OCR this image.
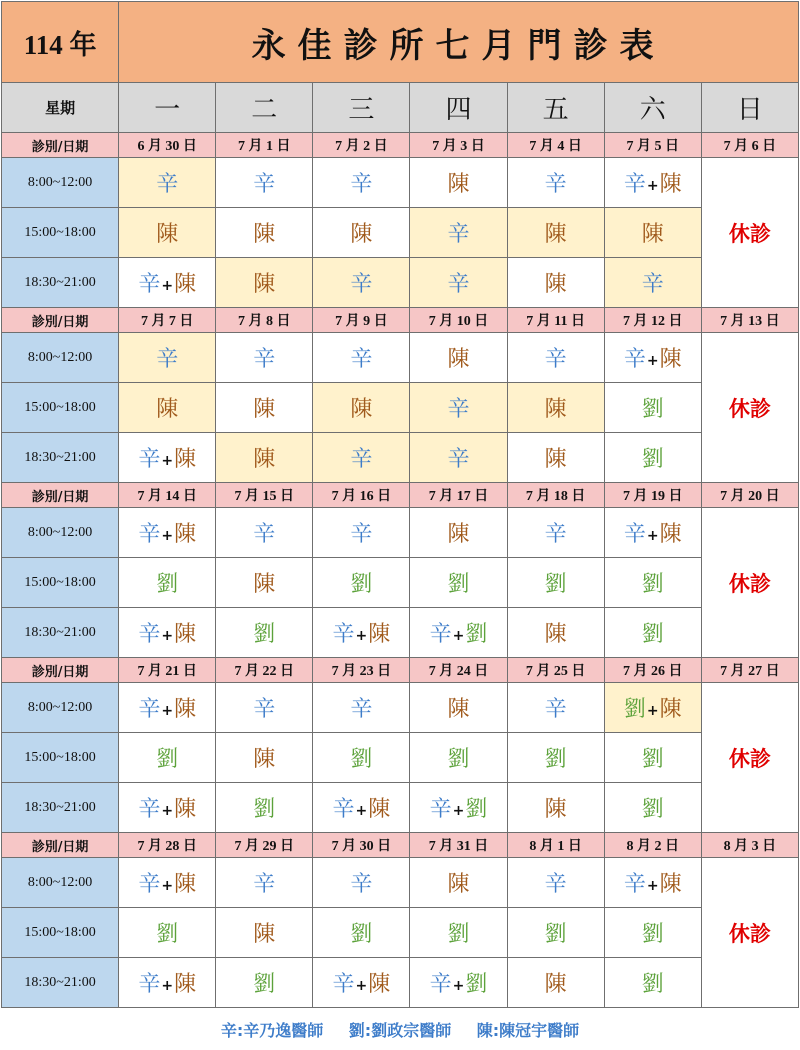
114 年	永佳診所七月門診表						
星期	一	二	三	四	五	六	日
診別/日期	6 月 30 日	7 月 1 日	7 月 2 日	7 月 3 日	7 月 4 日	7 月 5 日	7 月 6 日
8:00~12:00	辛	辛	辛	陳	辛	辛+陳	休診
15:00~18:00	陳	陳	陳	辛	陳	陳	
18:30~21:00	辛+陳	陳	辛	辛	陳	辛	
診別/日期	7 月 7 日	7 月 8 日	7 月 9 日	7 月 10 日	7 月 11 日	7 月 12 日	7 月 13 日
8:00~12:00	辛	辛	辛	陳	辛	辛+陳	休診
15:00~18:00	陳	陳	陳	辛	陳	劉	
18:30~21:00	辛+陳	陳	辛	辛	陳	劉	
診別/日期	7 月 14 日	7 月 15 日	7 月 16 日	7 月 17 日	7 月 18 日	7 月 19 日	7 月 20 日
8:00~12:00	辛+陳	辛	辛	陳	辛	辛+陳	休診
15:00~18:00	劉	陳	劉	劉	劉	劉	
18:30~21:00	辛+陳	劉	辛+陳	辛+劉	陳	劉	
診別/日期	7 月 21 日	7 月 22 日	7 月 23 日	7 月 24 日	7 月 25 日	7 月 26 日	7 月 27 日
8:00~12:00	辛+陳	辛	辛	陳	辛	劉+陳	休診
15:00~18:00	劉	陳	劉	劉	劉	劉	
18:30~21:00	辛+陳	劉	辛+陳	辛+劉	陳	劉	
診別/日期	7 月 28 日	7 月 29 日	7 月 30 日	7 月 31 日	8 月 1 日	8 月 2 日	8 月 3 日
8:00~12:00	辛+陳	辛	辛	陳	辛	辛+陳	休診
15:00~18:00	劉	陳	劉	劉	劉	劉	
18:30~21:00	辛+陳	劉	辛+陳	辛+劉	陳	劉	
辛:辛乃逸醫師 劉:劉政宗醫師 陳:陳冠宇醫師
